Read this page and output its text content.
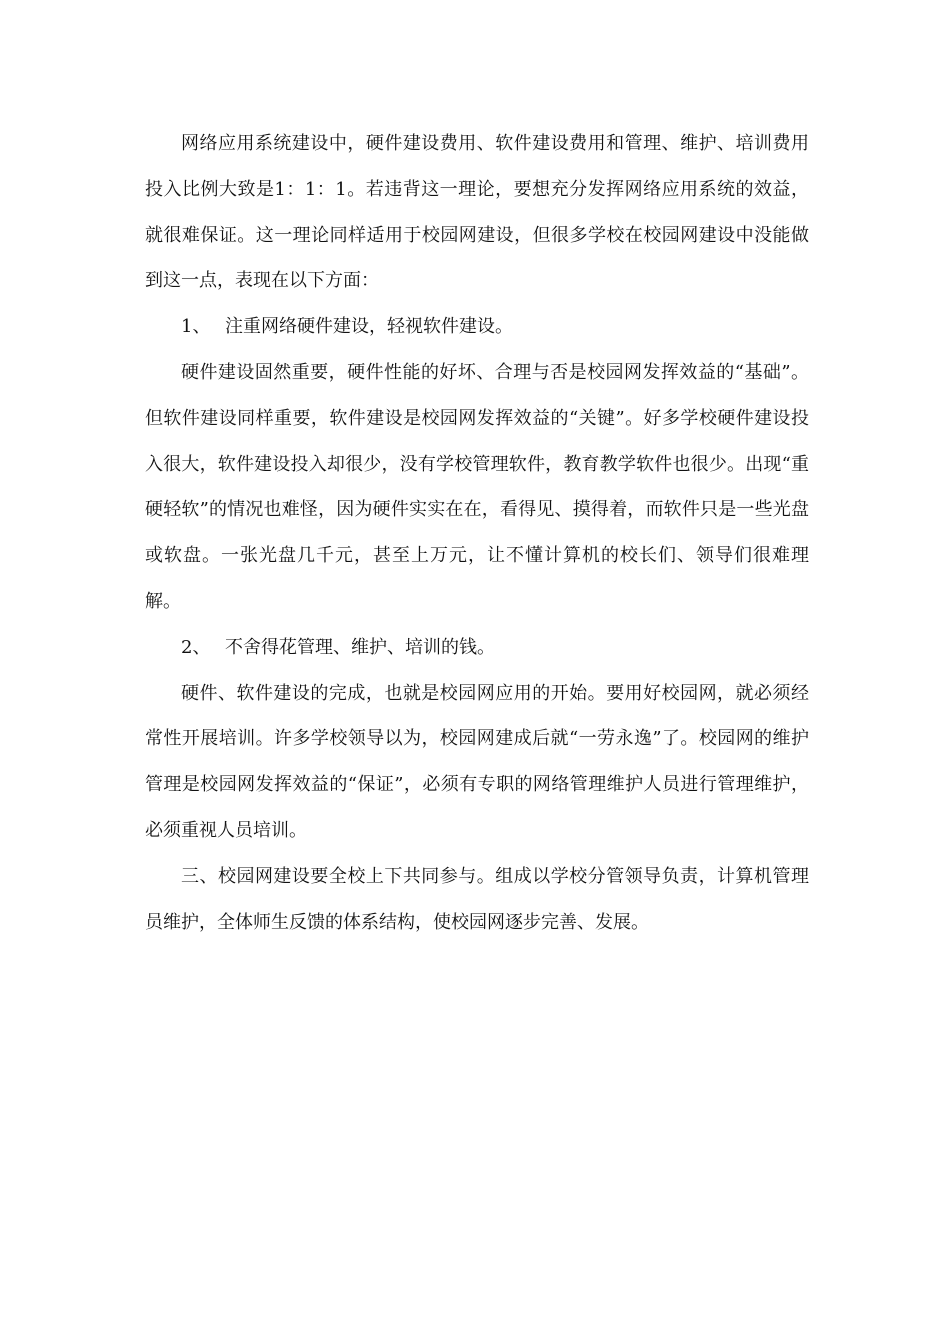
网络应用系统建设中，硬件建设费用、软件建设费用和管理、维护、培训费用投入比例大致是1：1：1。若违背这一理论，要想充分发挥网络应用系统的效益，就很难保证。这一理论同样适用于校园网建设，但很多学校在校园网建设中没能做到这一点，表现在以下方面：

1、 注重网络硬件建设，轻视软件建设。

硬件建设固然重要，硬件性能的好坏、合理与否是校园网发挥效益的“基础”。但软件建设同样重要，软件建设是校园网发挥效益的“关键”。好多学校硬件建设投入很大，软件建设投入却很少，没有学校管理软件，教育教学软件也很少。出现“重硬轻软”的情况也难怪，因为硬件实实在在，看得见、摸得着，而软件只是一些光盘或软盘。一张光盘几千元，甚至上万元，让不懂计算机的校长们、领导们很难理解。

2、 不舍得花管理、维护、培训的钱。

硬件、软件建设的完成，也就是校园网应用的开始。要用好校园网，就必须经常性开展培训。许多学校领导以为，校园网建成后就“一劳永逸”了。校园网的维护管理是校园网发挥效益的“保证”，必须有专职的网络管理维护人员进行管理维护，必须重视人员培训。

三、校园网建设要全校上下共同参与。组成以学校分管领导负责，计算机管理员维护，全体师生反馈的体系结构，使校园网逐步完善、发展。
